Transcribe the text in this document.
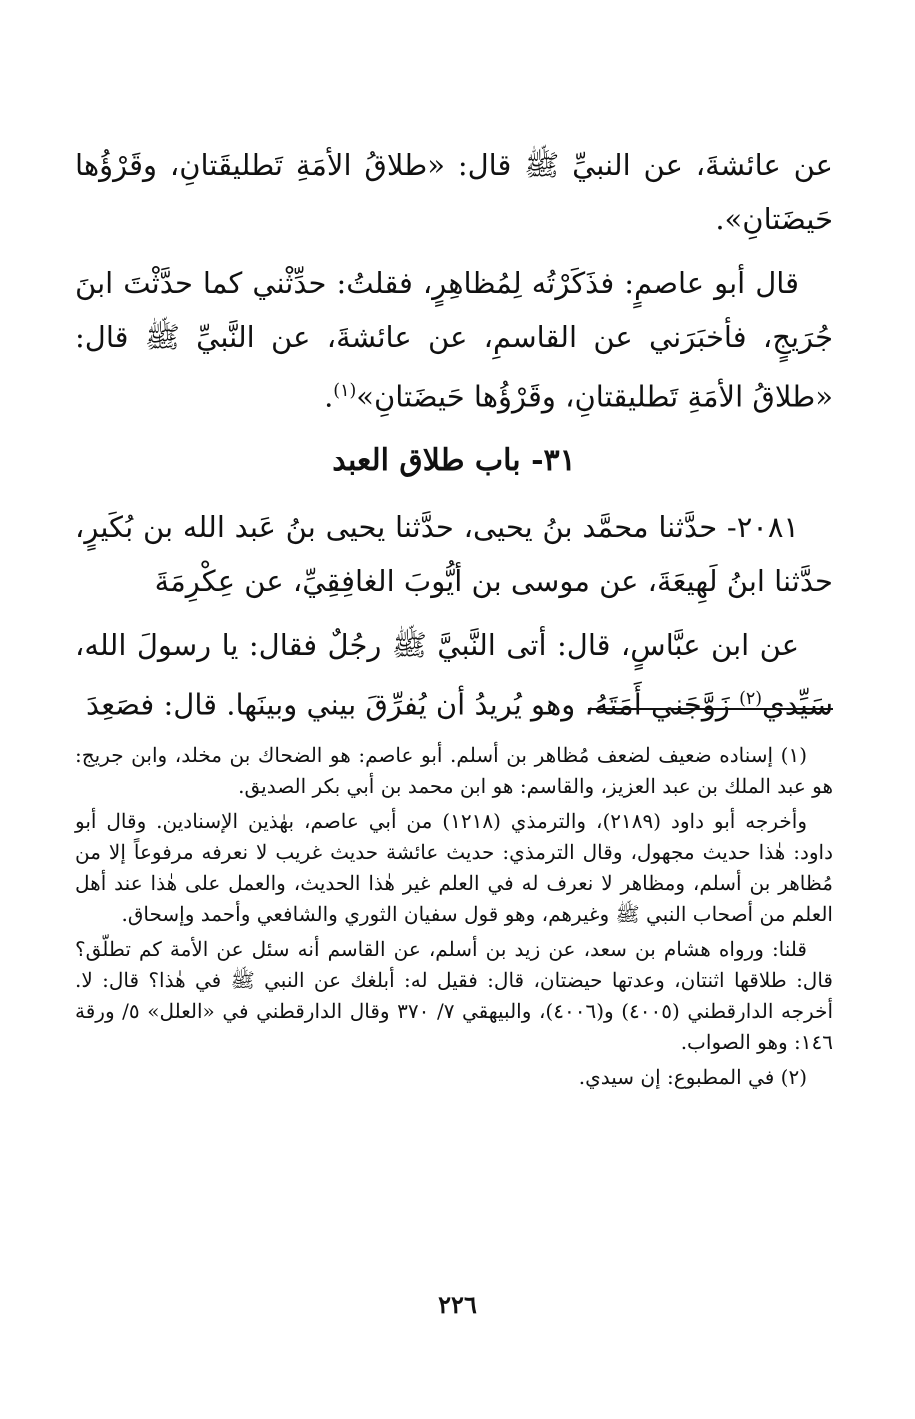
عن عائشةَ، عن النبيِّ ﷺ قال: «طلاقُ الأمَةِ تَطليقَتانِ، وقَرْؤُها حَيضَتانِ».

قال أبو عاصمٍ: فذَكَرْتُه لِمُظاهِرٍ، فقلتُ: حدِّثْني كما حدَّثْتَ ابنَ جُرَيجٍ، فأخبَرَني عن القاسمِ، عن عائشةَ، عن النَّبيِّ ﷺ قال: «طلاقُ الأمَةِ تَطليقتانِ، وقَرْؤُها حَيضَتانِ»$^{(١)}$.

٣١- باب طلاق العبد

٢٠٨١- حدَّثنا محمَّد بنُ يحيى، حدَّثنا يحيى بنُ عَبد الله بن بُكَيرٍ، حدَّثنا ابنُ لَهِيعَةَ، عن موسى بن أيُّوبَ الغافِقِيِّ، عن عِكْرِمَةَ

عن ابن عبَّاسٍ، قال: أتى النَّبيَّ ﷺ رجُلٌ فقال: يا رسولَ الله، سَيِّدي$^{(٢)}$ زَوَّجَني أَمَتَهُ، وهو يُريدُ أن يُفرِّقَ بيني وبينَها. قال: فصَعِدَ

(١) إسناده ضعيف لضعف مُظاهر بن أسلم. أبو عاصم: هو الضحاك بن مخلد، وابن جريج: هو عبد الملك بن عبد العزيز، والقاسم: هو ابن محمد بن أبي بكر الصديق.

وأخرجه أبو داود (٢١٨٩)، والترمذي (١٢١٨) من أبي عاصم، بهٰذين الإسنادين. وقال أبو داود: هٰذا حديث مجهول، وقال الترمذي: حديث عائشة حديث غريب لا نعرفه مرفوعاً إلا من مُظاهر بن أسلم، ومظاهر لا نعرف له في العلم غير هٰذا الحديث، والعمل على هٰذا عند أهل العلم من أصحاب النبي ﷺ وغيرهم، وهو قول سفيان الثوري والشافعي وأحمد وإسحاق.

قلنا: ورواه هشام بن سعد، عن زيد بن أسلم، عن القاسم أنه سئل عن الأمة كم تطلّق؟ قال: طلاقها اثنتان، وعدتها حيضتان، قال: فقيل له: أبلغك عن النبي ﷺ في هٰذا؟ قال: لا. أخرجه الدارقطني (٤٠٠٥) و(٤٠٠٦)، والبيهقي ٧/ ٣٧٠ وقال الدارقطني في «العلل» ٥/ ورقة ١٤٦: وهو الصواب.

(٢) في المطبوع: إن سيدي.

٢٢٦
